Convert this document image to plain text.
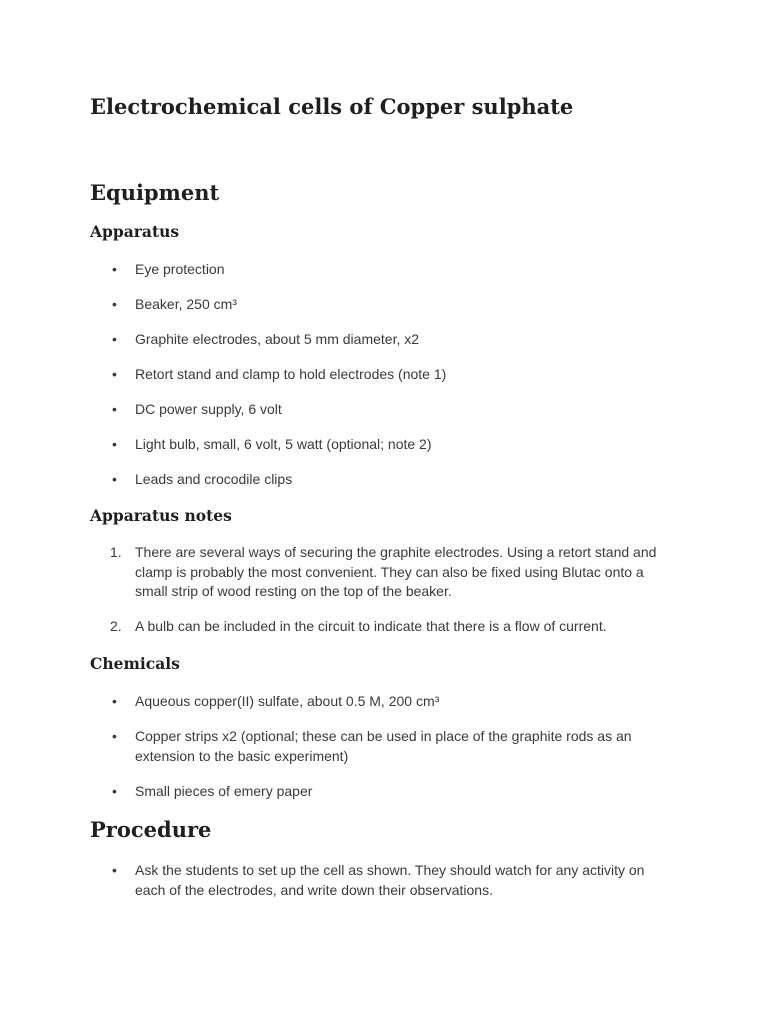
Electrochemical cells of Copper sulphate
Equipment
Apparatus
• Eye protection
• Beaker, 250 cm³
• Graphite electrodes, about 5 mm diameter, x2
• Retort stand and clamp to hold electrodes (note 1)
• DC power supply, 6 volt
• Light bulb, small, 6 volt, 5 watt (optional; note 2)
• Leads and crocodile clips
Apparatus notes
1. There are several ways of securing the graphite electrodes. Using a retort stand and clamp is probably the most convenient. They can also be fixed using Blutac onto a small strip of wood resting on the top of the beaker.
2. A bulb can be included in the circuit to indicate that there is a flow of current.
Chemicals
• Aqueous copper(II) sulfate, about 0.5 M, 200 cm³
• Copper strips x2 (optional; these can be used in place of the graphite rods as an extension to the basic experiment)
• Small pieces of emery paper
Procedure
• Ask the students to set up the cell as shown. They should watch for any activity on each of the electrodes, and write down their observations.
